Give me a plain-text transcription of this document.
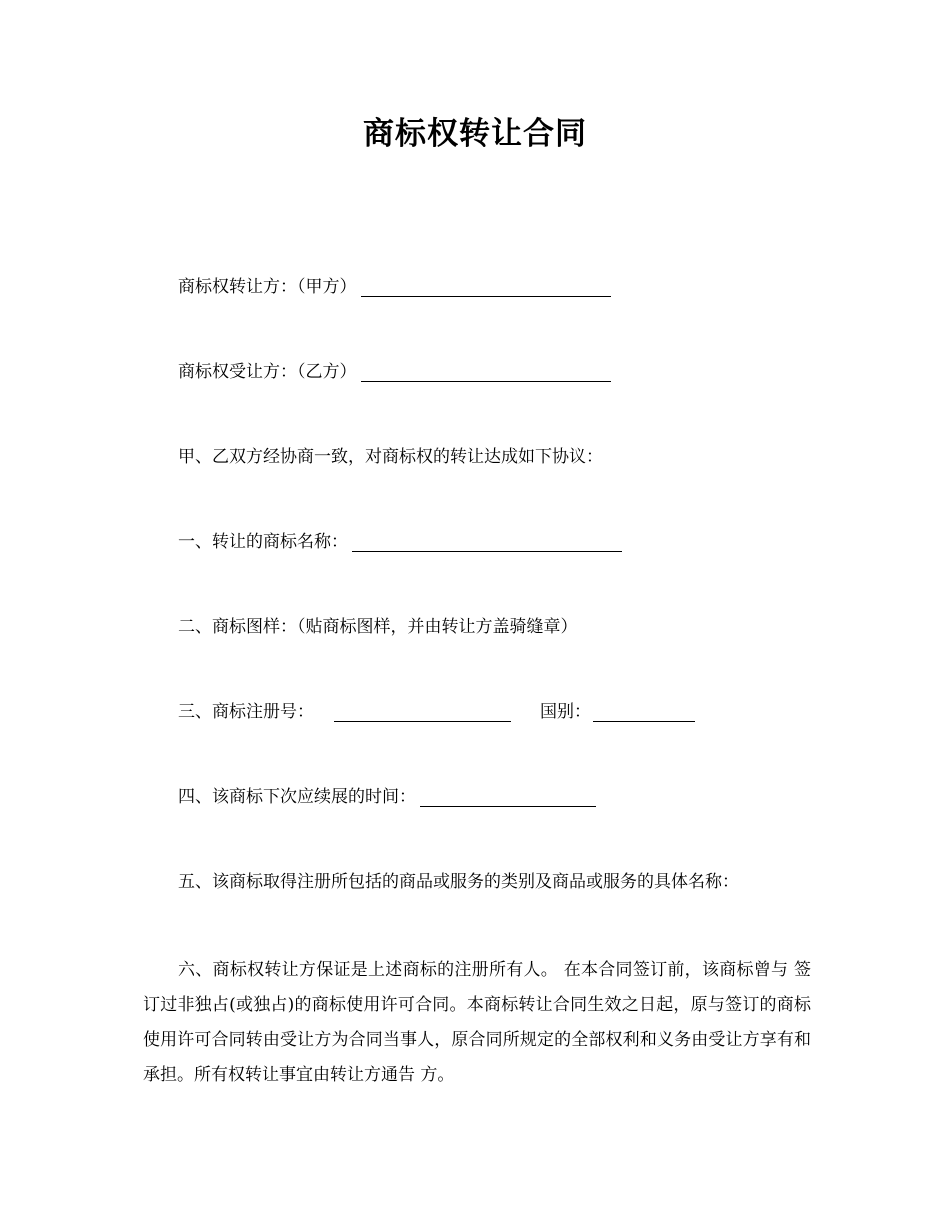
商标权转让合同
商标权转让方：（甲方）
商标权受让方：（乙方）
甲、乙双方经协商一致，对商标权的转让达成如下协议：
一、转让的商标名称：
二、商标图样：（贴商标图样，并由转让方盖骑缝章）
三、商标注册号：	国别：
四、该商标下次应续展的时间：
五、该商标取得注册所包括的商品或服务的类别及商品或服务的具体名称：
六、商标权转让方保证是上述商标的注册所有人。 在本合同签订前，该商标曾与 签订过非独占(或独占)的商标使用许可合同。本商标转让合同生效之日起，原与签订的商标使用许可合同转由受让方为合同当事人，原合同所规定的全部权利和义务由受让方享有和承担。所有权转让事宜由转让方通告 方。
